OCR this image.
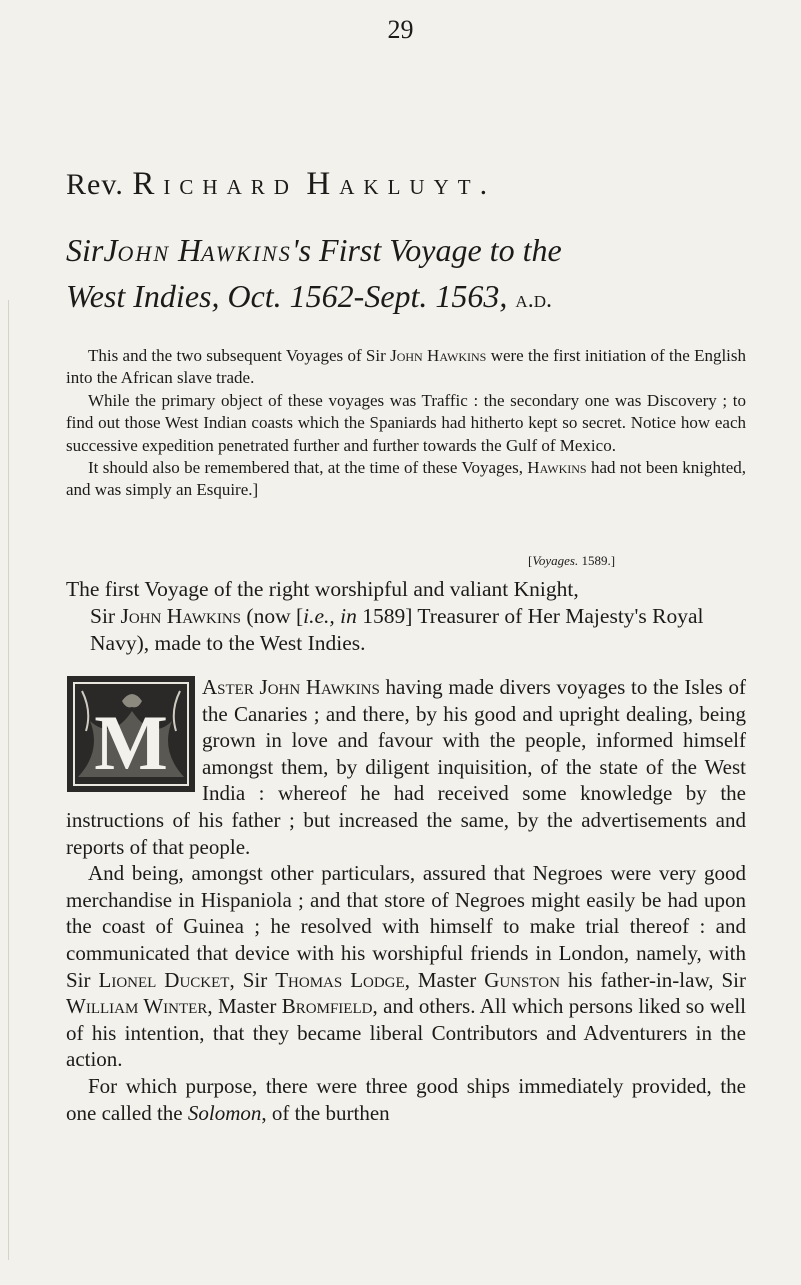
29
Rev. Richard Hakluyt.
SirJohn Hawkins's First Voyage to the
West Indies, Oct. 1562-Sept. 1563, a.d.

This and the two subsequent Voyages of Sir John Hawkins were the first initiation of the English into the African slave trade.

While the primary object of these voyages was Traffic : the secondary one was Discovery ; to find out those West Indian coasts which the Spaniards had hitherto kept so secret. Notice how each successive expedition penetrated further and further towards the Gulf of Mexico.

It should also be remembered that, at the time of these Voyages, Hawkins had not been knighted, and was simply an Esquire.]

[Voyages. 1589.]
The first Voyage of the right worshipful and valiant Knight,
Sir John Hawkins (now [i.e., in 1589] Treasurer of Her Majesty's Royal Navy), made to the West Indies.
M

Aster John Hawkins having made divers voyages to the Isles of the Canaries ; and there, by his good and upright dealing, being grown in love and favour with the people, informed himself amongst them, by diligent inquisition, of the state of the West India : whereof he had received some knowledge by the instructions of his father ; but increased the same, by the advertisements and reports of that people.

And being, amongst other particulars, assured that Negroes were very good merchandise in Hispaniola ; and that store of Negroes might easily be had upon the coast of Guinea ; he resolved with himself to make trial thereof : and communicated that device with his worshipful friends in London, namely, with Sir Lionel Ducket, Sir Thomas Lodge, Master Gunston his father-in-law, Sir William Winter, Master Bromfield, and others. All which persons liked so well of his intention, that they became liberal Contributors and Adventurers in the action.

For which purpose, there were three good ships immediately provided, the one called the Solomon, of the burthen
